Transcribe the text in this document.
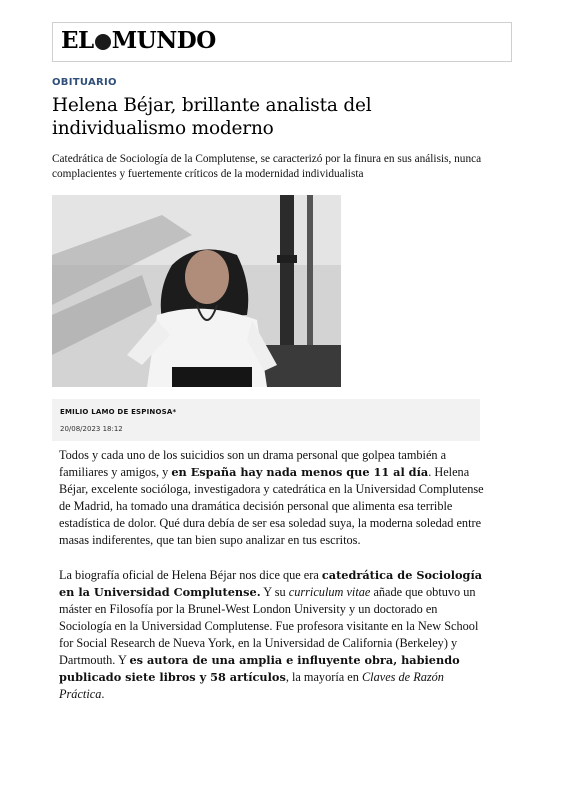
EL MUNDO
OBITUARIO
Helena Béjar, brillante analista del individualismo moderno

Catedrática de Sociología de la Complutense, se caracterizó por la finura en sus análisis, nunca complacientes y fuertemente críticos de la modernidad individualista

EMILIO LAMO DE ESPINOSA*
20/08/2023 18:12

Todos y cada uno de los suicidios son un drama personal que golpea también a familiares y amigos, y en España hay nada menos que 11 al día. Helena Béjar, excelente socióloga, investigadora y catedrática en la Universidad Complutense de Madrid, ha tomado una dramática decisión personal que alimenta esa terrible estadística de dolor. Qué dura debía de ser esa soledad suya, la moderna soledad entre masas indiferentes, que tan bien supo analizar en tus escritos.

La biografía oficial de Helena Béjar nos dice que era catedrática de Sociología en la Universidad Complutense. Y su curriculum vitae añade que obtuvo un máster en Filosofía por la Brunel-West London University y un doctorado en Sociología en la Universidad Complutense. Fue profesora visitante en la New School for Social Research de Nueva York, en la Universidad de California (Berkeley) y Dartmouth. Y es autora de una amplia e influyente obra, habiendo publicado siete libros y 58 artículos, la mayoría en Claves de Razón Práctica.
